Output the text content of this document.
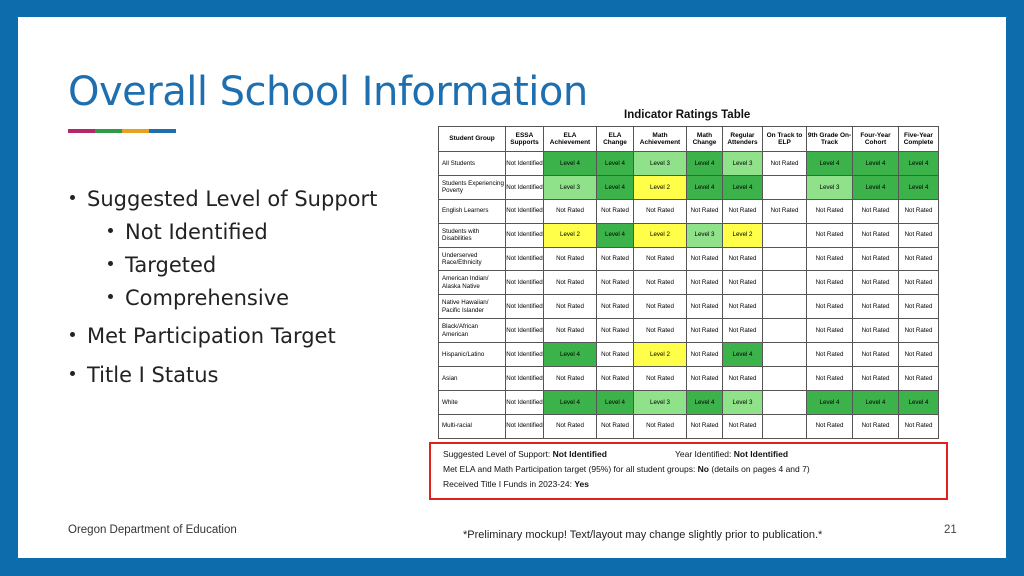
Overall School Information
Suggested Level of Support
Not Identified
Targeted
Comprehensive
Met Participation Target
Title I Status
Indicator Ratings Table
Student Group	ESSA Supports	ELA Achievement	ELA Change	Math Achievement	Math Change	Regular Attenders	On Track to ELP	9th Grade On-Track	Four-Year Cohort	Five-Year Complete
All Students	Not Identified	Level 4	Level 4	Level 3	Level 4	Level 3	Not Rated	Level 4	Level 4	Level 4
Students Experiencing Poverty	Not Identified	Level 3	Level 4	Level 2	Level 4	Level 4		Level 3	Level 4	Level 4
English Learners	Not Identified	Not Rated	Not Rated	Not Rated	Not Rated	Not Rated	Not Rated	Not Rated	Not Rated	Not Rated
Students with Disabilities	Not Identified	Level 2	Level 4	Level 2	Level 3	Level 2		Not Rated	Not Rated	Not Rated
Underserved Race/Ethnicity	Not Identified	Not Rated	Not Rated	Not Rated	Not Rated	Not Rated		Not Rated	Not Rated	Not Rated
American Indian/ Alaska Native	Not Identified	Not Rated	Not Rated	Not Rated	Not Rated	Not Rated		Not Rated	Not Rated	Not Rated
Native Hawaiian/ Pacific Islander	Not Identified	Not Rated	Not Rated	Not Rated	Not Rated	Not Rated		Not Rated	Not Rated	Not Rated
Black/African American	Not Identified	Not Rated	Not Rated	Not Rated	Not Rated	Not Rated		Not Rated	Not Rated	Not Rated
Hispanic/Latino	Not Identified	Level 4	Not Rated	Level 2	Not Rated	Level 4		Not Rated	Not Rated	Not Rated
Asian	Not Identified	Not Rated	Not Rated	Not Rated	Not Rated	Not Rated		Not Rated	Not Rated	Not Rated
White	Not Identified	Level 4	Level 4	Level 3	Level 4	Level 3		Level 4	Level 4	Level 4
Multi-racial	Not Identified	Not Rated	Not Rated	Not Rated	Not Rated	Not Rated		Not Rated	Not Rated	Not Rated
Suggested Level of Support: Not Identified	Year Identified: Not Identified
Met ELA and Math Participation target (95%) for all student groups: No (details on pages 4 and 7)
Received Title I Funds in 2023-24: Yes
Oregon Department of Education	*Preliminary mockup! Text/layout may change slightly prior to publication.*	21
